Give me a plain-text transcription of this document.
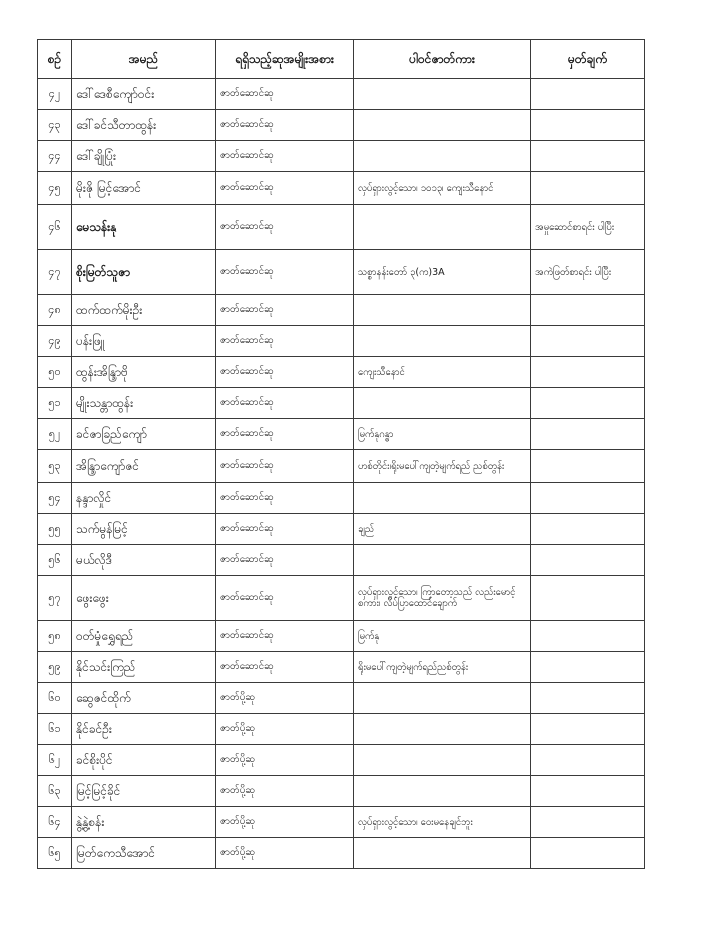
စဉ်	အမည်	ရရှိသည့်ဆုအမျိုးအစား	ပါဝင်ဇာတ်ကား	မှတ်ချက်
၄၂	ဒေါ်ဒေစီကျော်ဝင်း	ဇာတ်ဆောင်ဆု		
၄၃	ဒေါ်ခင်သီတာထွန်း	ဇာတ်ဆောင်ဆု		
၄၄	ဒေါ်ချိုပြုံး	ဇာတ်ဆောင်ဆု		
၄၅	မိုးဇို မြင့်အောင်	ဇာတ်ဆောင်ဆု	လှပ်ရှားလွင့်သော၊ ၁၀၁၃၊ ကျေးသီနောင်	
၄၆	မေသန်းနု	ဇာတ်ဆောင်ဆု		အမှုဆောင်စာရင်း ပါပြီး
၄၇	စိုးမြတ်သူဇာ	ဇာတ်ဆောင်ဆု	သစ္စာနန်းတော် ၃(က)3A	အကဲဖြတ်စာရင်း ပါပြီး
၄၈	ထက်ထက်မိုးဦး	ဇာတ်ဆောင်ဆု		
၄၉	ပန်းဖြူ	ဇာတ်ဆောင်ဆု		
၅၀	ထွန်းအိန္ဒြာဗို	ဇာတ်ဆောင်ဆု	ကျေးသီနောင်	
၅၁	မျိုးသန္တာထွန်း	ဇာတ်ဆောင်ဆု		
၅၂	ခင်ဇာခြည်ကျော်	ဇာတ်ဆောင်ဆု	မြက်နုဂန္ဓာ	
၅၃	အိန္ဒြာကျော်ဇင်	ဇာတ်ဆောင်ဆု	ဟစ်တိုင်း၊ရိုးမပေါ်ကျတဲ့မျက်ရည် ညစ်တွန်း	
၅၄	နန္ဒာလှိုင်	ဇာတ်ဆောင်ဆု		
၅၅	သက်မွန်မြင့်	ဇာတ်ဆောင်ဆု	ချည်	
၅၆	မယ်လိုဒီ	ဇာတ်ဆောင်ဆု		
၅၇	ဖွေးဖွေး	ဇာတ်ဆောင်ဆု	လှပ်ရှားလွင့်သော၊ ကြာတော့သည် လည်းမောင့်စကား၊ လိပ်ပြာထောင်ချောက်	
၅၈	ဝတ်မှုံရွှေရည်	ဇာတ်ဆောင်ဆု	မြက်နု	
၅၉	နိုင်သင်းကြည်	ဇာတ်ဆောင်ဆု	ရိုးမပေါ်ကျတဲ့မျက်ရည်ညစ်တွန်း	
၆၀	ဆွေဇင်ထိုက်	ဇာတ်ပို့ဆု		
၆၁	နိုင်ခင်ဦး	ဇာတ်ပို့ဆု		
၆၂	ခင်စိုးပိုင်	ဇာတ်ပို့ဆု		
၆၃	မြင့်မြင့်ခိုင်	ဇာတ်ပို့ဆု		
၆၄	နွဲ့နွဲ့စန်း	ဇာတ်ပို့ဆု	လှပ်ရှားလွင့်သော၊ ဝေးမနေချင်ဘူး	
၆၅	မြတ်ကေသီအောင်	ဇာတ်ပို့ဆု		
